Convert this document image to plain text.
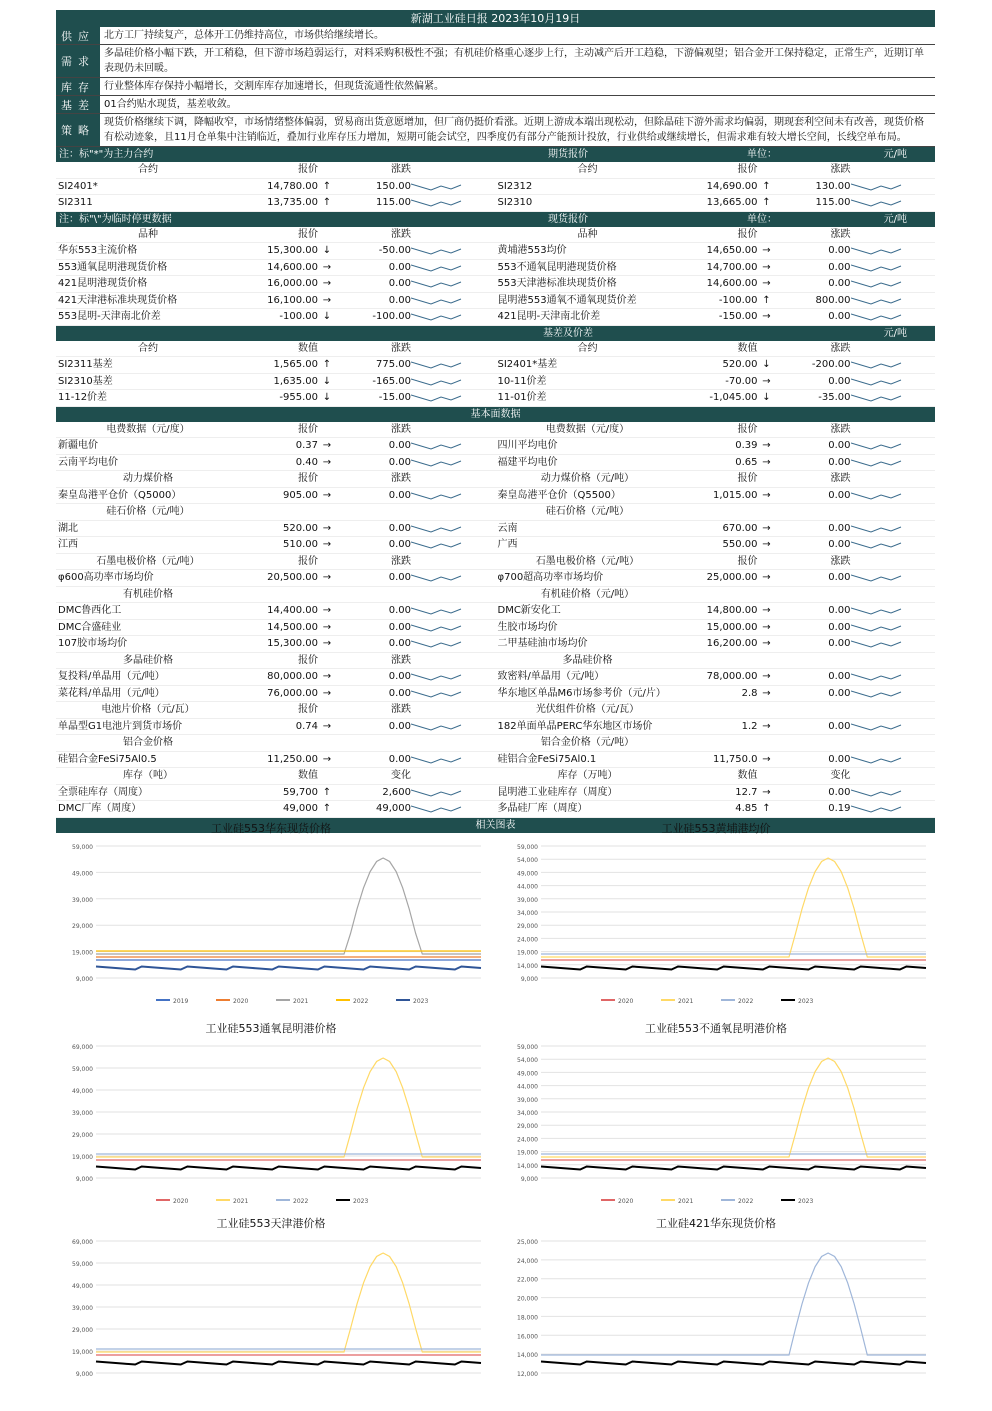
新湖工业硅日报 2023年10月19日
供应 北方工厂持续复产，总体开工仍维持高位，市场供给继续增长。
需求
多晶硅价格小幅下跌，开工稍稳，但下游市场趋弱运行，对料采购积极性不强；有机硅价格重心逐步上行，主动减产后开工趋稳，下游偏观望；铝合金开工保持稳定，正常生产，近期订单表现仍未回暖。
库存 行业整体库存保持小幅增长，交割库库存加速增长，但现货流通性依然偏紧。
基差 01合约贴水现货，基差收敛。
策略
现货价格继续下调，降幅收窄，市场情绪整体偏弱，贸易商出货意愿增加，但厂商仍挺价看涨。近期上游成本端出现松动，但除晶硅下游外需求均偏弱，期现套利空间未有改善，现货价格有松动迹象，且11月仓单集中注销临近，叠加行业库存压力增加，短期可能会试空，四季度仍有部分产能预计投放，行业供给或继续增长，但需求难有较大增长空间，长线空单布局。
注：标"*"为主力合约	期货报价	单位：	元/吨
合约	报价	涨跌
SI2401*	14,780.00 ↑	150.00
SI2311	13,735.00 ↑	115.00
合约	报价	涨跌
SI2312	14,690.00 ↑	130.00
SI2310	13,665.00 ↑	115.00
注：标"\"为临时停更数据	现货报价	单位：	元/吨
品种	报价	涨跌
华东553主流价格	15,300.00 ↓	-50.00
553通氧昆明港现货价格	14,600.00 →	0.00
421昆明港现货价格	16,000.00 →	0.00
421天津港标准块现货价格	16,100.00 →	0.00
553昆明-天津南北价差	-100.00 ↓	-100.00
品种	报价	涨跌
黄埔港553均价	14,650.00 →	0.00
553不通氧昆明港现货价格	14,700.00 →	0.00
553天津港标准块现货价格	14,600.00 →	0.00
昆明港553通氧不通氧现货价差	-100.00 ↑	800.00
421昆明-天津南北价差	-150.00 →	0.00
基差及价差	元/吨
合约	数值	涨跌
SI2311基差	1,565.00 ↑	775.00
SI2310基差	1,635.00 ↓	-165.00
11-12价差	-955.00 ↓	-15.00
合约	数值	涨跌
SI2401*基差	520.00 ↓	-200.00
10-11价差	-70.00 →	0.00
11-01价差	-1,045.00 ↓	-35.00
基本面数据
电费数据（元/度）	报价	涨跌	电费数据（元/度）	报价	涨跌
新疆电价	0.37 →	0.00	四川平均电价	0.39 →	0.00
云南平均电价	0.40 →	0.00	福建平均电价	0.65 →	0.00
动力煤价格	报价	涨跌	动力煤价格（元/吨）	报价	涨跌
秦皇岛港平仓价（Q5000）	905.00 →	0.00	秦皇岛港平仓价（Q5500）	1,015.00 →	0.00
硅石价格（元/吨）	硅石价格（元/吨）
湖北	520.00 →	0.00	云南	670.00 →	0.00
江西	510.00 →	0.00	广西	550.00 →	0.00
石墨电极价格（元/吨）	报价	涨跌	石墨电极价格（元/吨）	报价	涨跌
φ600高功率市场均价	20,500.00 →	0.00	φ700超高功率市场均价	25,000.00 →	0.00
有机硅价格	有机硅价格（元/吨）
DMC鲁西化工	14,400.00 →	0.00	DMC新安化工	14,800.00 →	0.00
DMC合盛硅业	14,500.00 →	0.00	生胶市场均价	15,000.00 →	0.00
107胶市场均价	15,300.00 →	0.00	二甲基硅油市场均价	16,200.00 →	0.00
多晶硅价格	报价	涨跌	多晶硅价格
复投料/单晶用（元/吨）	80,000.00 →	0.00	致密料/单晶用（元/吨）	78,000.00 →	0.00
菜花料/单晶用（元/吨）	76,000.00 →	0.00	华东地区单晶M6市场参考价（元/片）	2.8 →	0.00
电池片价格（元/瓦）	报价	涨跌	光伏组件价格（元/瓦）
单晶型G1电池片到货市场价	0.74 →	0.00	182单面单晶PERC华东地区市场价	1.2 →	0.00
铝合金价格	铝合金价格（元/吨）
硅铝合金FeSi75Al0.5	11,250.00 →	0.00	硅铝合金FeSi75Al0.1	11,750.0 →	0.00
库存（吨）	数值	变化	库存（万吨）	数值	变化
全票硅库存（周度）	59,700 ↑	2,600	昆明港工业硅库存（周度）	12.7 →	0.00
DMC厂库（周度）	49,000 ↑	49,000	多晶硅厂库（周度）	4.85 ↑	0.19
相关图表
工业硅553华东现货价格
59,000
49,000
39,000
29,000
19,000
9,000
2019	2020	2021	2022	2023
工业硅553黄埔港均价
59,000
54,000
49,000
44,000
39,000
34,000
29,000
24,000
19,000
14,000
9,000
2020	2021	2022	2023
工业硅553通氧昆明港价格
69,000
59,000
49,000
39,000
29,000
19,000
9,000
2020	2021	2022	2023
工业硅553不通氧昆明港价格
59,000
54,000
49,000
44,000
39,000
34,000
29,000
24,000
19,000
14,000
9,000
2020	2021	2022	2023
工业硅553天津港价格
69,000
59,000
49,000
39,000
29,000
19,000
9,000
工业硅421华东现货价格
25,000
24,000
22,000
20,000
18,000
16,000
14,000
12,000
